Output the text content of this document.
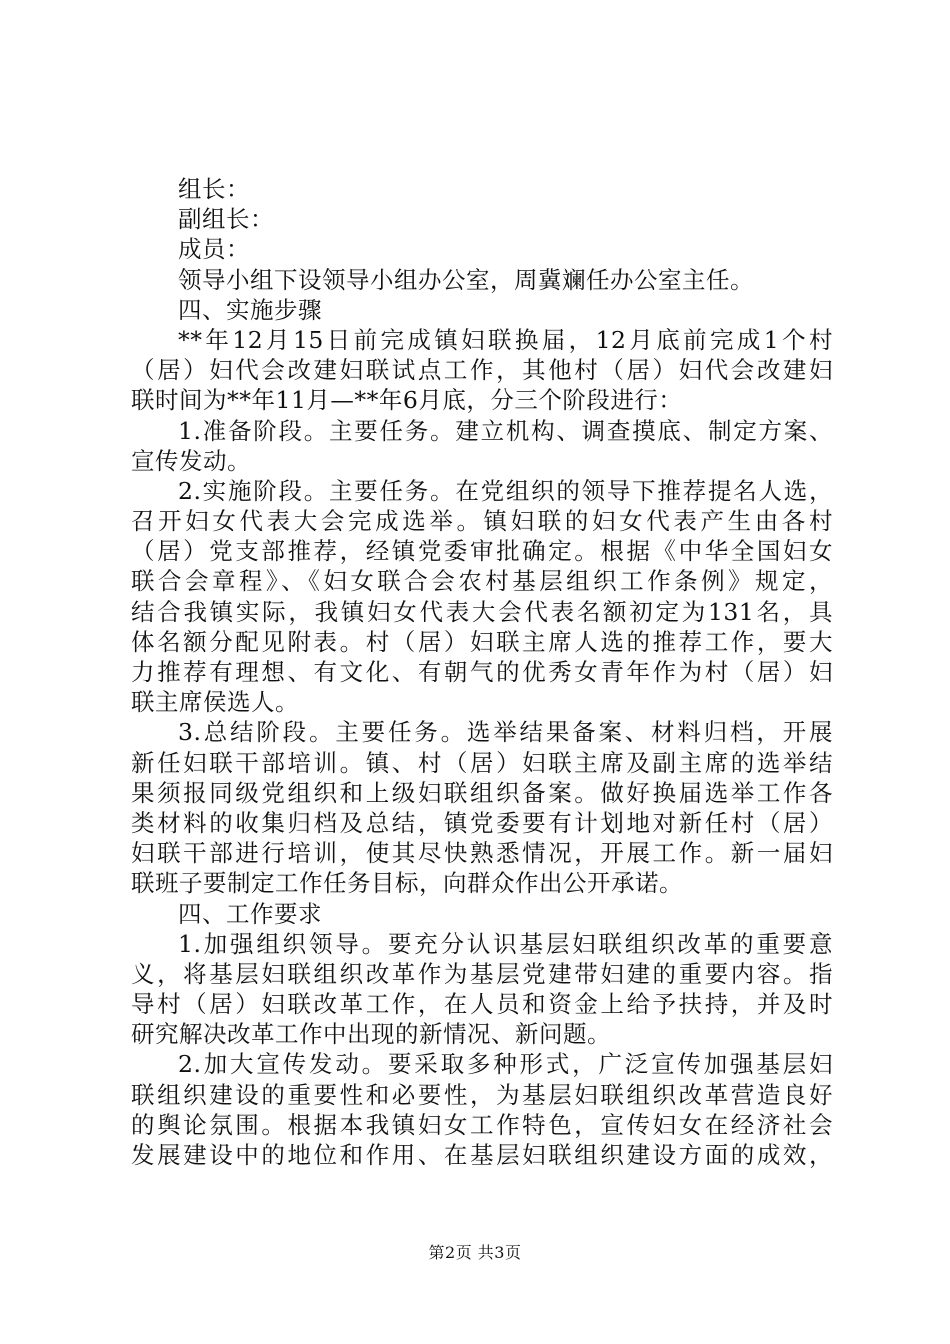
组长：
副组长：
成员：
领导小组下设领导小组办公室，周冀斓任办公室主任。
四、实施步骤
**年12月15日前完成镇妇联换届，12月底前完成1个村
（居）妇代会改建妇联试点工作，其他村（居）妇代会改建妇
联时间为**年11月—**年6月底，分三个阶段进行：
1.准备阶段。主要任务。建立机构、调查摸底、制定方案、
宣传发动。
2.实施阶段。主要任务。在党组织的领导下推荐提名人选，
召开妇女代表大会完成选举。镇妇联的妇女代表产生由各村
（居）党支部推荐，经镇党委审批确定。根据《中华全国妇女
联合会章程》、《妇女联合会农村基层组织工作条例》规定，
结合我镇实际，我镇妇女代表大会代表名额初定为131名，具
体名额分配见附表。村（居）妇联主席人选的推荐工作，要大
力推荐有理想、有文化、有朝气的优秀女青年作为村（居）妇
联主席侯选人。
3.总结阶段。主要任务。选举结果备案、材料归档，开展
新任妇联干部培训。镇、村（居）妇联主席及副主席的选举结
果须报同级党组织和上级妇联组织备案。做好换届选举工作各
类材料的收集归档及总结，镇党委要有计划地对新任村（居）
妇联干部进行培训，使其尽快熟悉情况，开展工作。新一届妇
联班子要制定工作任务目标，向群众作出公开承诺。
四、工作要求
1.加强组织领导。要充分认识基层妇联组织改革的重要意
义，将基层妇联组织改革作为基层党建带妇建的重要内容。指
导村（居）妇联改革工作，在人员和资金上给予扶持，并及时
研究解决改革工作中出现的新情况、新问题。
2.加大宣传发动。要采取多种形式，广泛宣传加强基层妇
联组织建设的重要性和必要性，为基层妇联组织改革营造良好
的舆论氛围。根据本我镇妇女工作特色，宣传妇女在经济社会
发展建设中的地位和作用、在基层妇联组织建设方面的成效，
第2页 共3页
